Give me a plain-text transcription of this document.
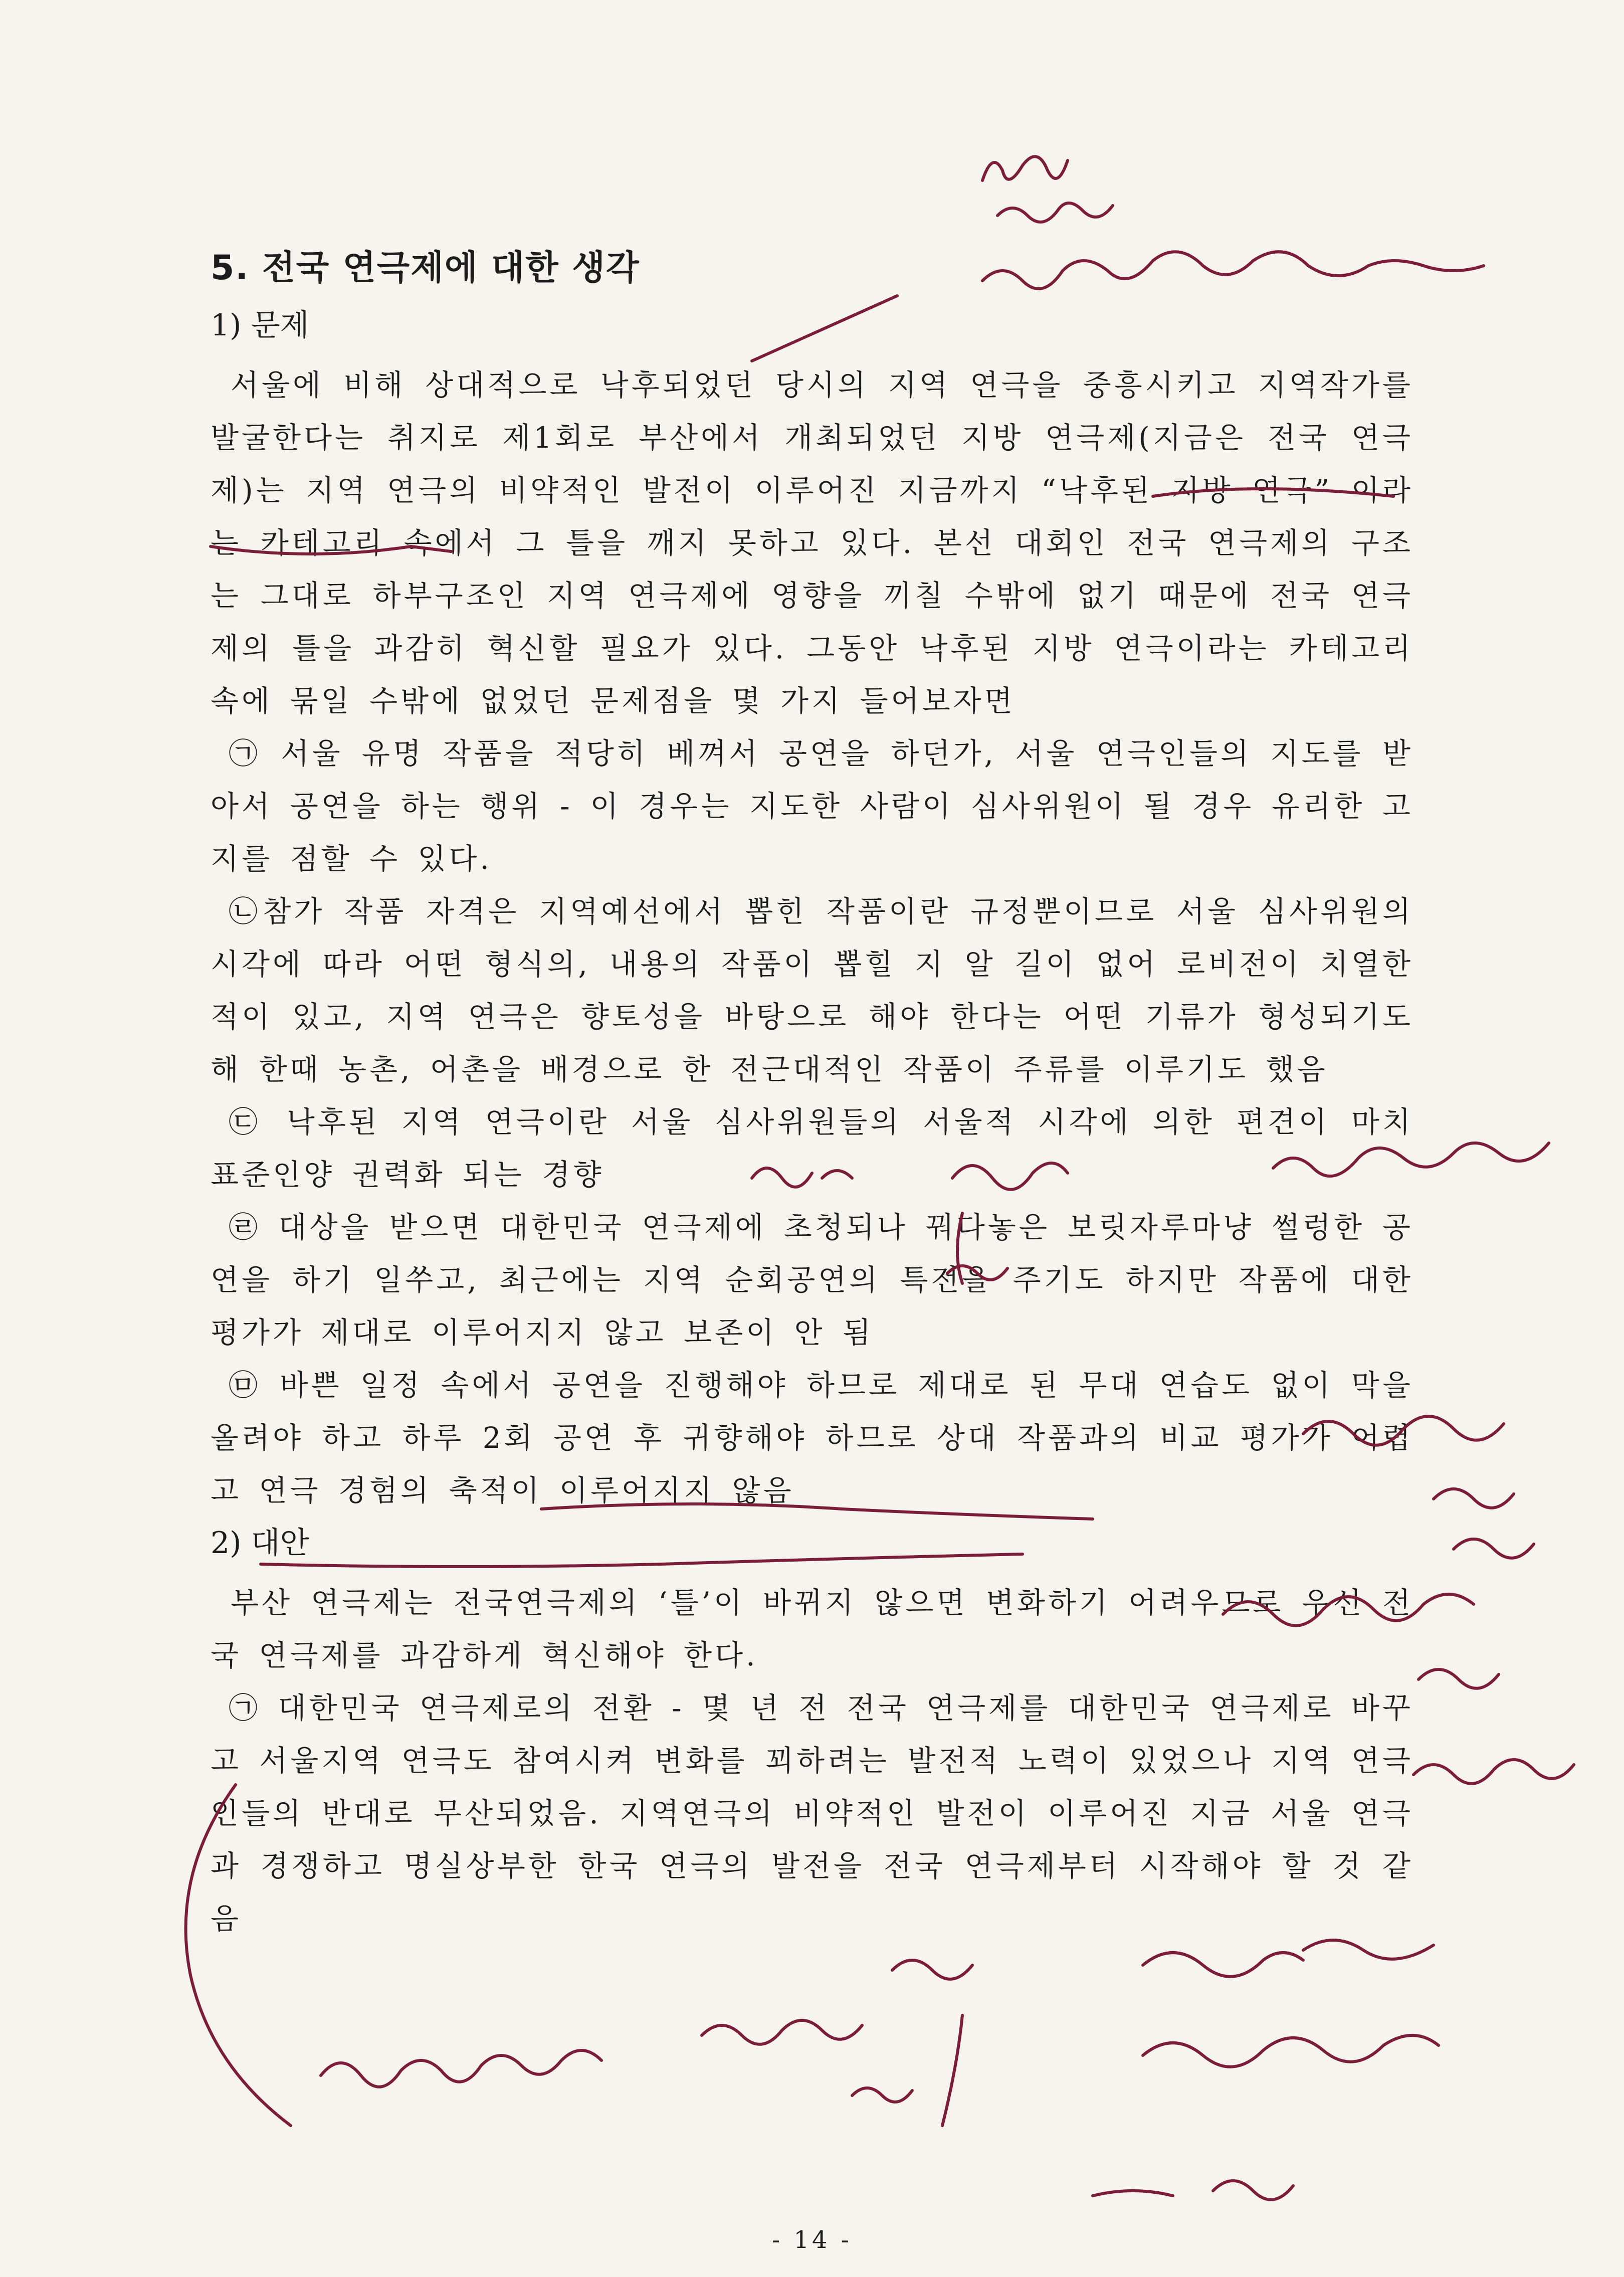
5. 전국 연극제에 대한 생각
1) 문제

서울에 비해 상대적으로 낙후되었던 당시의 지역 연극을 중흥시키고 지역작가를 발굴한다는 취지로 제1회로 부산에서 개최되었던 지방 연극제(지금은 전국 연극제)는 지역 연극의 비약적인 발전이 이루어진 지금까지 “낙후된 지방 연극” 이라는 카테고리 속에서 그 틀을 깨지 못하고 있다. 본선 대회인 전국 연극제의 구조는 그대로 하부구조인 지역 연극제에 영향을 끼칠 수밖에 없기 때문에 전국 연극제의 틀을 과감히 혁신할 필요가 있다. 그동안 낙후된 지방 연극이라는 카테고리 속에 묶일 수밖에 없었던 문제점을 몇 가지 들어보자면

㉠ 서울 유명 작품을 적당히 베껴서 공연을 하던가, 서울 연극인들의 지도를 받아서 공연을 하는 행위 - 이 경우는 지도한 사람이 심사위원이 될 경우 유리한 고지를 점할 수 있다.

㉡참가 작품 자격은 지역예선에서 뽑힌 작품이란 규정뿐이므로 서울 심사위원의 시각에 따라 어떤 형식의, 내용의 작품이 뽑힐 지 알 길이 없어 로비전이 치열한 적이 있고, 지역 연극은 향토성을 바탕으로 해야 한다는 어떤 기류가 형성되기도 해 한때 농촌, 어촌을 배경으로 한 전근대적인 작품이 주류를 이루기도 했음

㉢ 낙후된 지역 연극이란 서울 심사위원들의 서울적 시각에 의한 편견이 마치 표준인양 권력화 되는 경향

㉣ 대상을 받으면 대한민국 연극제에 초청되나 꿔다놓은 보릿자루마냥 썰렁한 공연을 하기 일쑤고, 최근에는 지역 순회공연의 특전을 주기도 하지만 작품에 대한 평가가 제대로 이루어지지 않고 보존이 안 됨

㉤ 바쁜 일정 속에서 공연을 진행해야 하므로 제대로 된 무대 연습도 없이 막을 올려야 하고 하루 2회 공연 후 귀향해야 하므로 상대 작품과의 비교 평가가 어렵고 연극 경험의 축적이 이루어지지 않음

2) 대안

부산 연극제는 전국연극제의 ‘틀’이 바뀌지 않으면 변화하기 어려우므로 우선 전국 연극제를 과감하게 혁신해야 한다.

㉠ 대한민국 연극제로의 전환 - 몇 년 전 전국 연극제를 대한민국 연극제로 바꾸고 서울지역 연극도 참여시켜 변화를 꾀하려는 발전적 노력이 있었으나 지역 연극인들의 반대로 무산되었음. 지역연극의 비약적인 발전이 이루어진 지금 서울 연극과 경쟁하고 명실상부한 한국 연극의 발전을 전국 연극제부터 시작해야 할 것 같음

- 14 -
